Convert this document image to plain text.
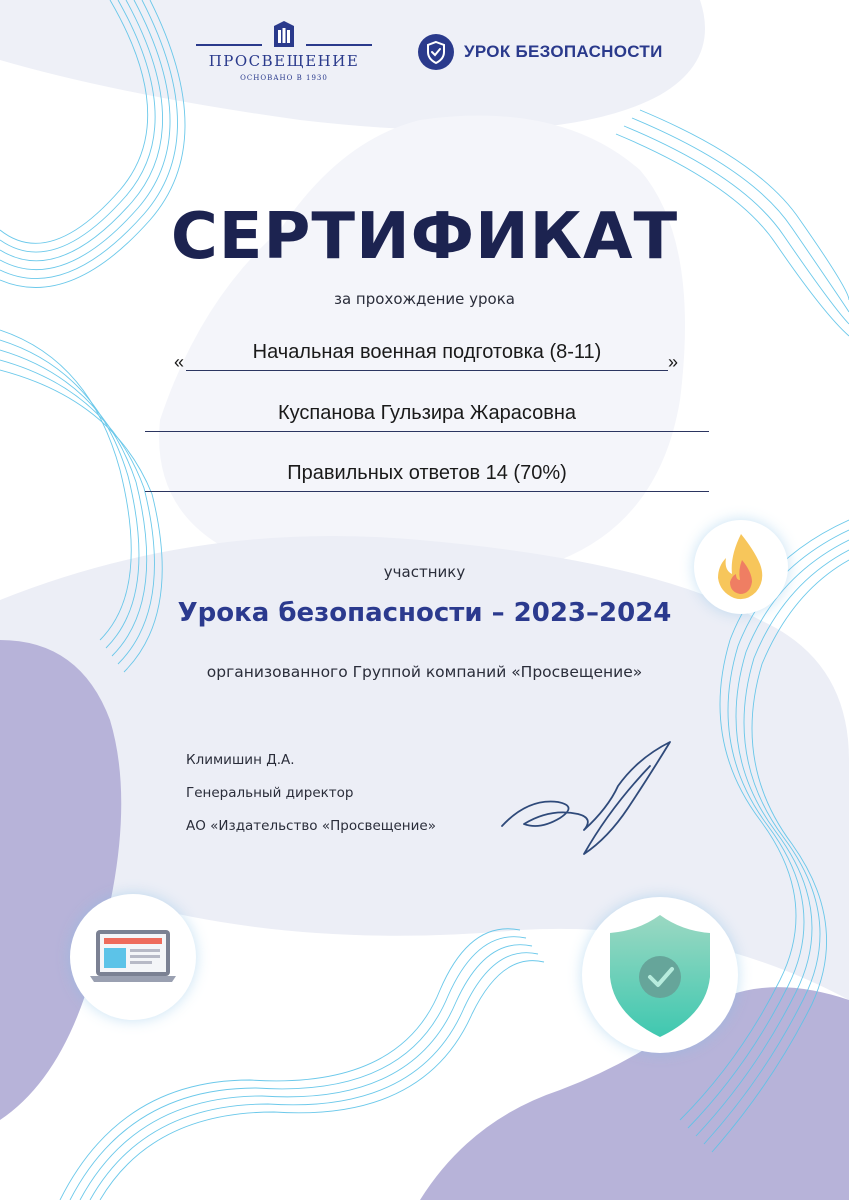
ПРОСВЕЩЕНИЕ
ОСНОВАНО В 1930
УРОК БЕЗОПАСНОСТИ
СЕРТИФИКАТ
за прохождение урока
«	Начальная военная подготовка (8-11)	»
Куспанова Гульзира Жарасовна
Правильных ответов 14 (70%)
участнику
Урока безопасности – 2023–2024
организованного Группой компаний «Просвещение»
Климишин Д.А.
Генеральный директор
АО «Издательство «Просвещение»
